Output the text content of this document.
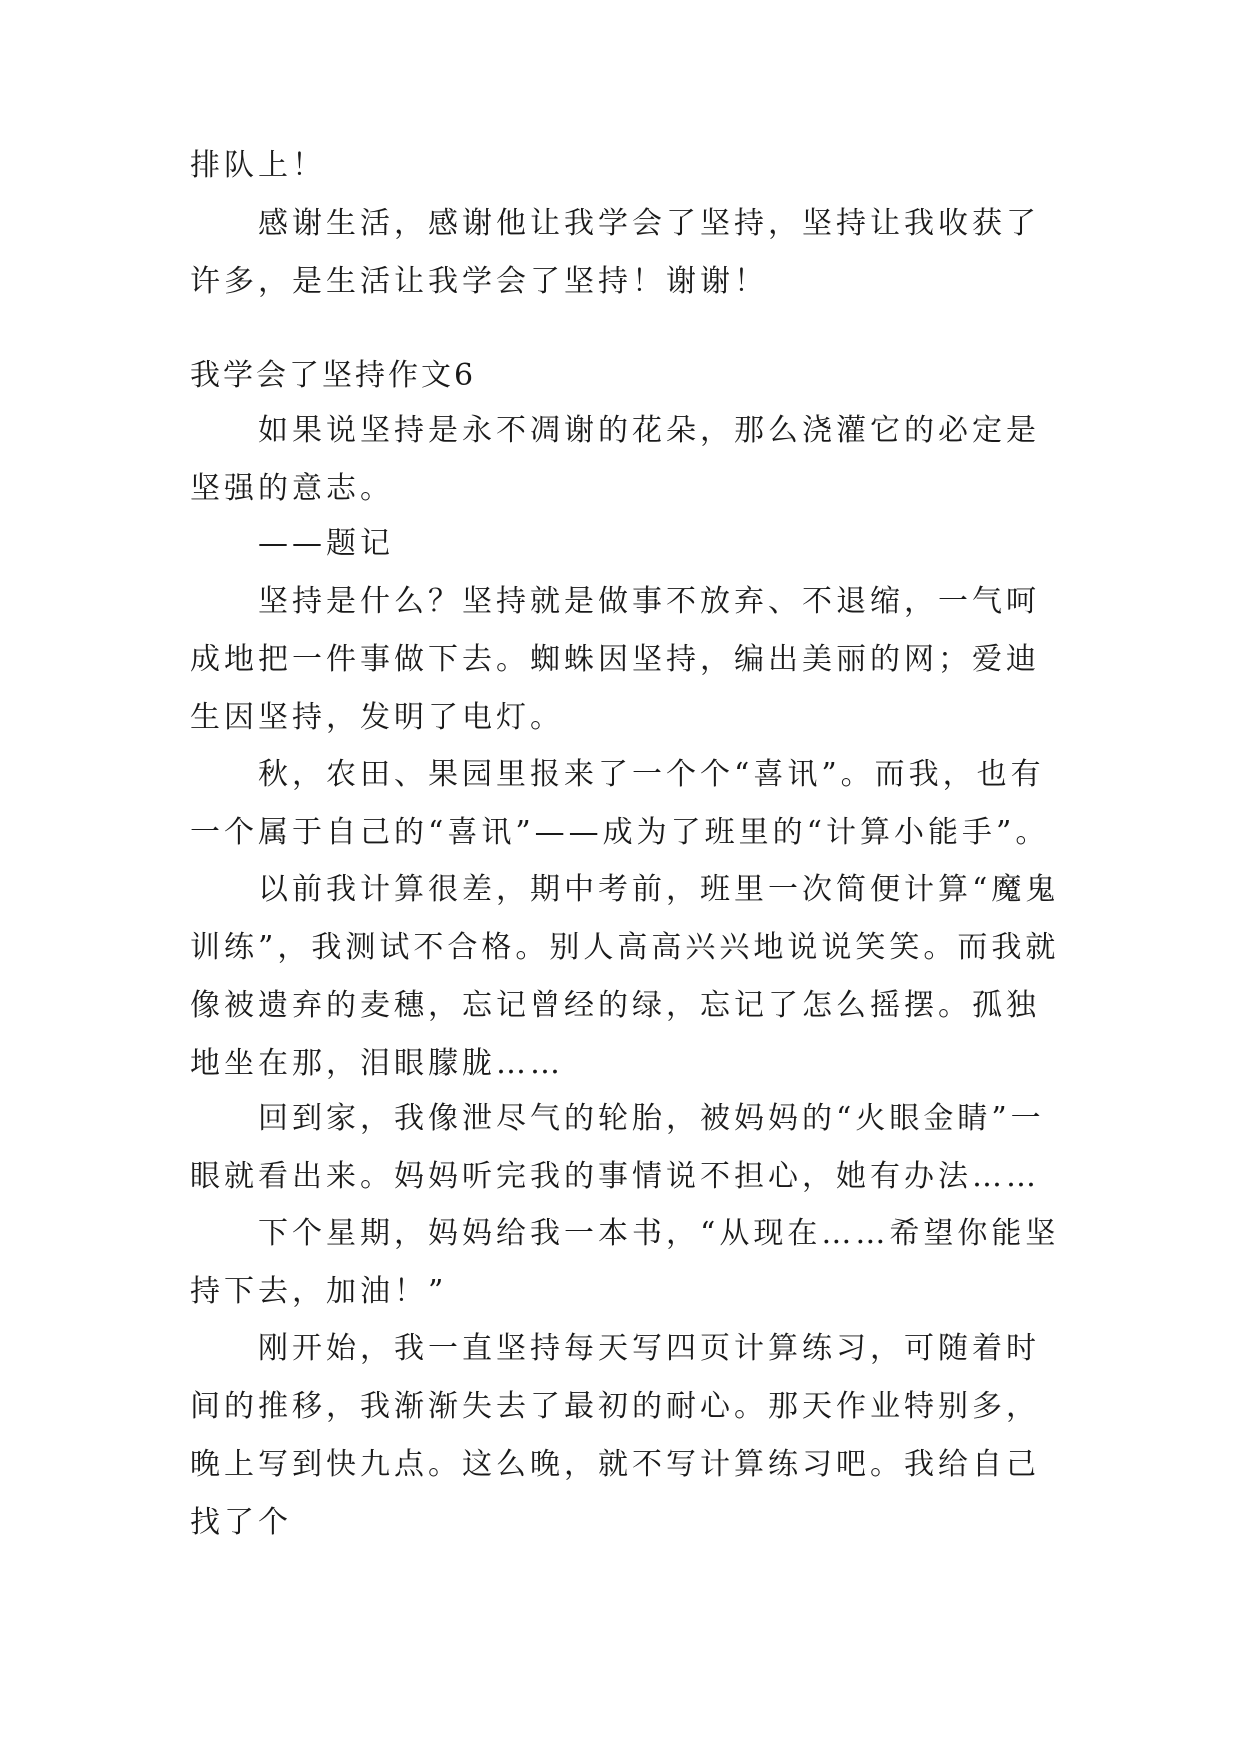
排队上！

感谢生活，感谢他让我学会了坚持，坚持让我收获了许多，是生活让我学会了坚持！谢谢！

我学会了坚持作文6

如果说坚持是永不凋谢的花朵，那么浇灌它的必定是坚强的意志。

——题记

坚持是什么？坚持就是做事不放弃、不退缩，一气呵成地把一件事做下去。蜘蛛因坚持，编出美丽的网；爱迪生因坚持，发明了电灯。

秋，农田、果园里报来了一个个“喜讯”。而我，也有一个属于自己的“喜讯”——成为了班里的“计算小能手”。

以前我计算很差，期中考前，班里一次简便计算“魔鬼训练”，我测试不合格。别人高高兴兴地说说笑笑。而我就像被遗弃的麦穗，忘记曾经的绿，忘记了怎么摇摆。孤独地坐在那，泪眼朦胧……

回到家，我像泄尽气的轮胎，被妈妈的“火眼金睛”一眼就看出来。妈妈听完我的事情说不担心，她有办法……

下个星期，妈妈给我一本书，“从现在……希望你能坚持下去，加油！”

刚开始，我一直坚持每天写四页计算练习，可随着时间的推移，我渐渐失去了最初的耐心。那天作业特别多，晚上写到快九点。这么晚，就不写计算练习吧。我给自己找了个
